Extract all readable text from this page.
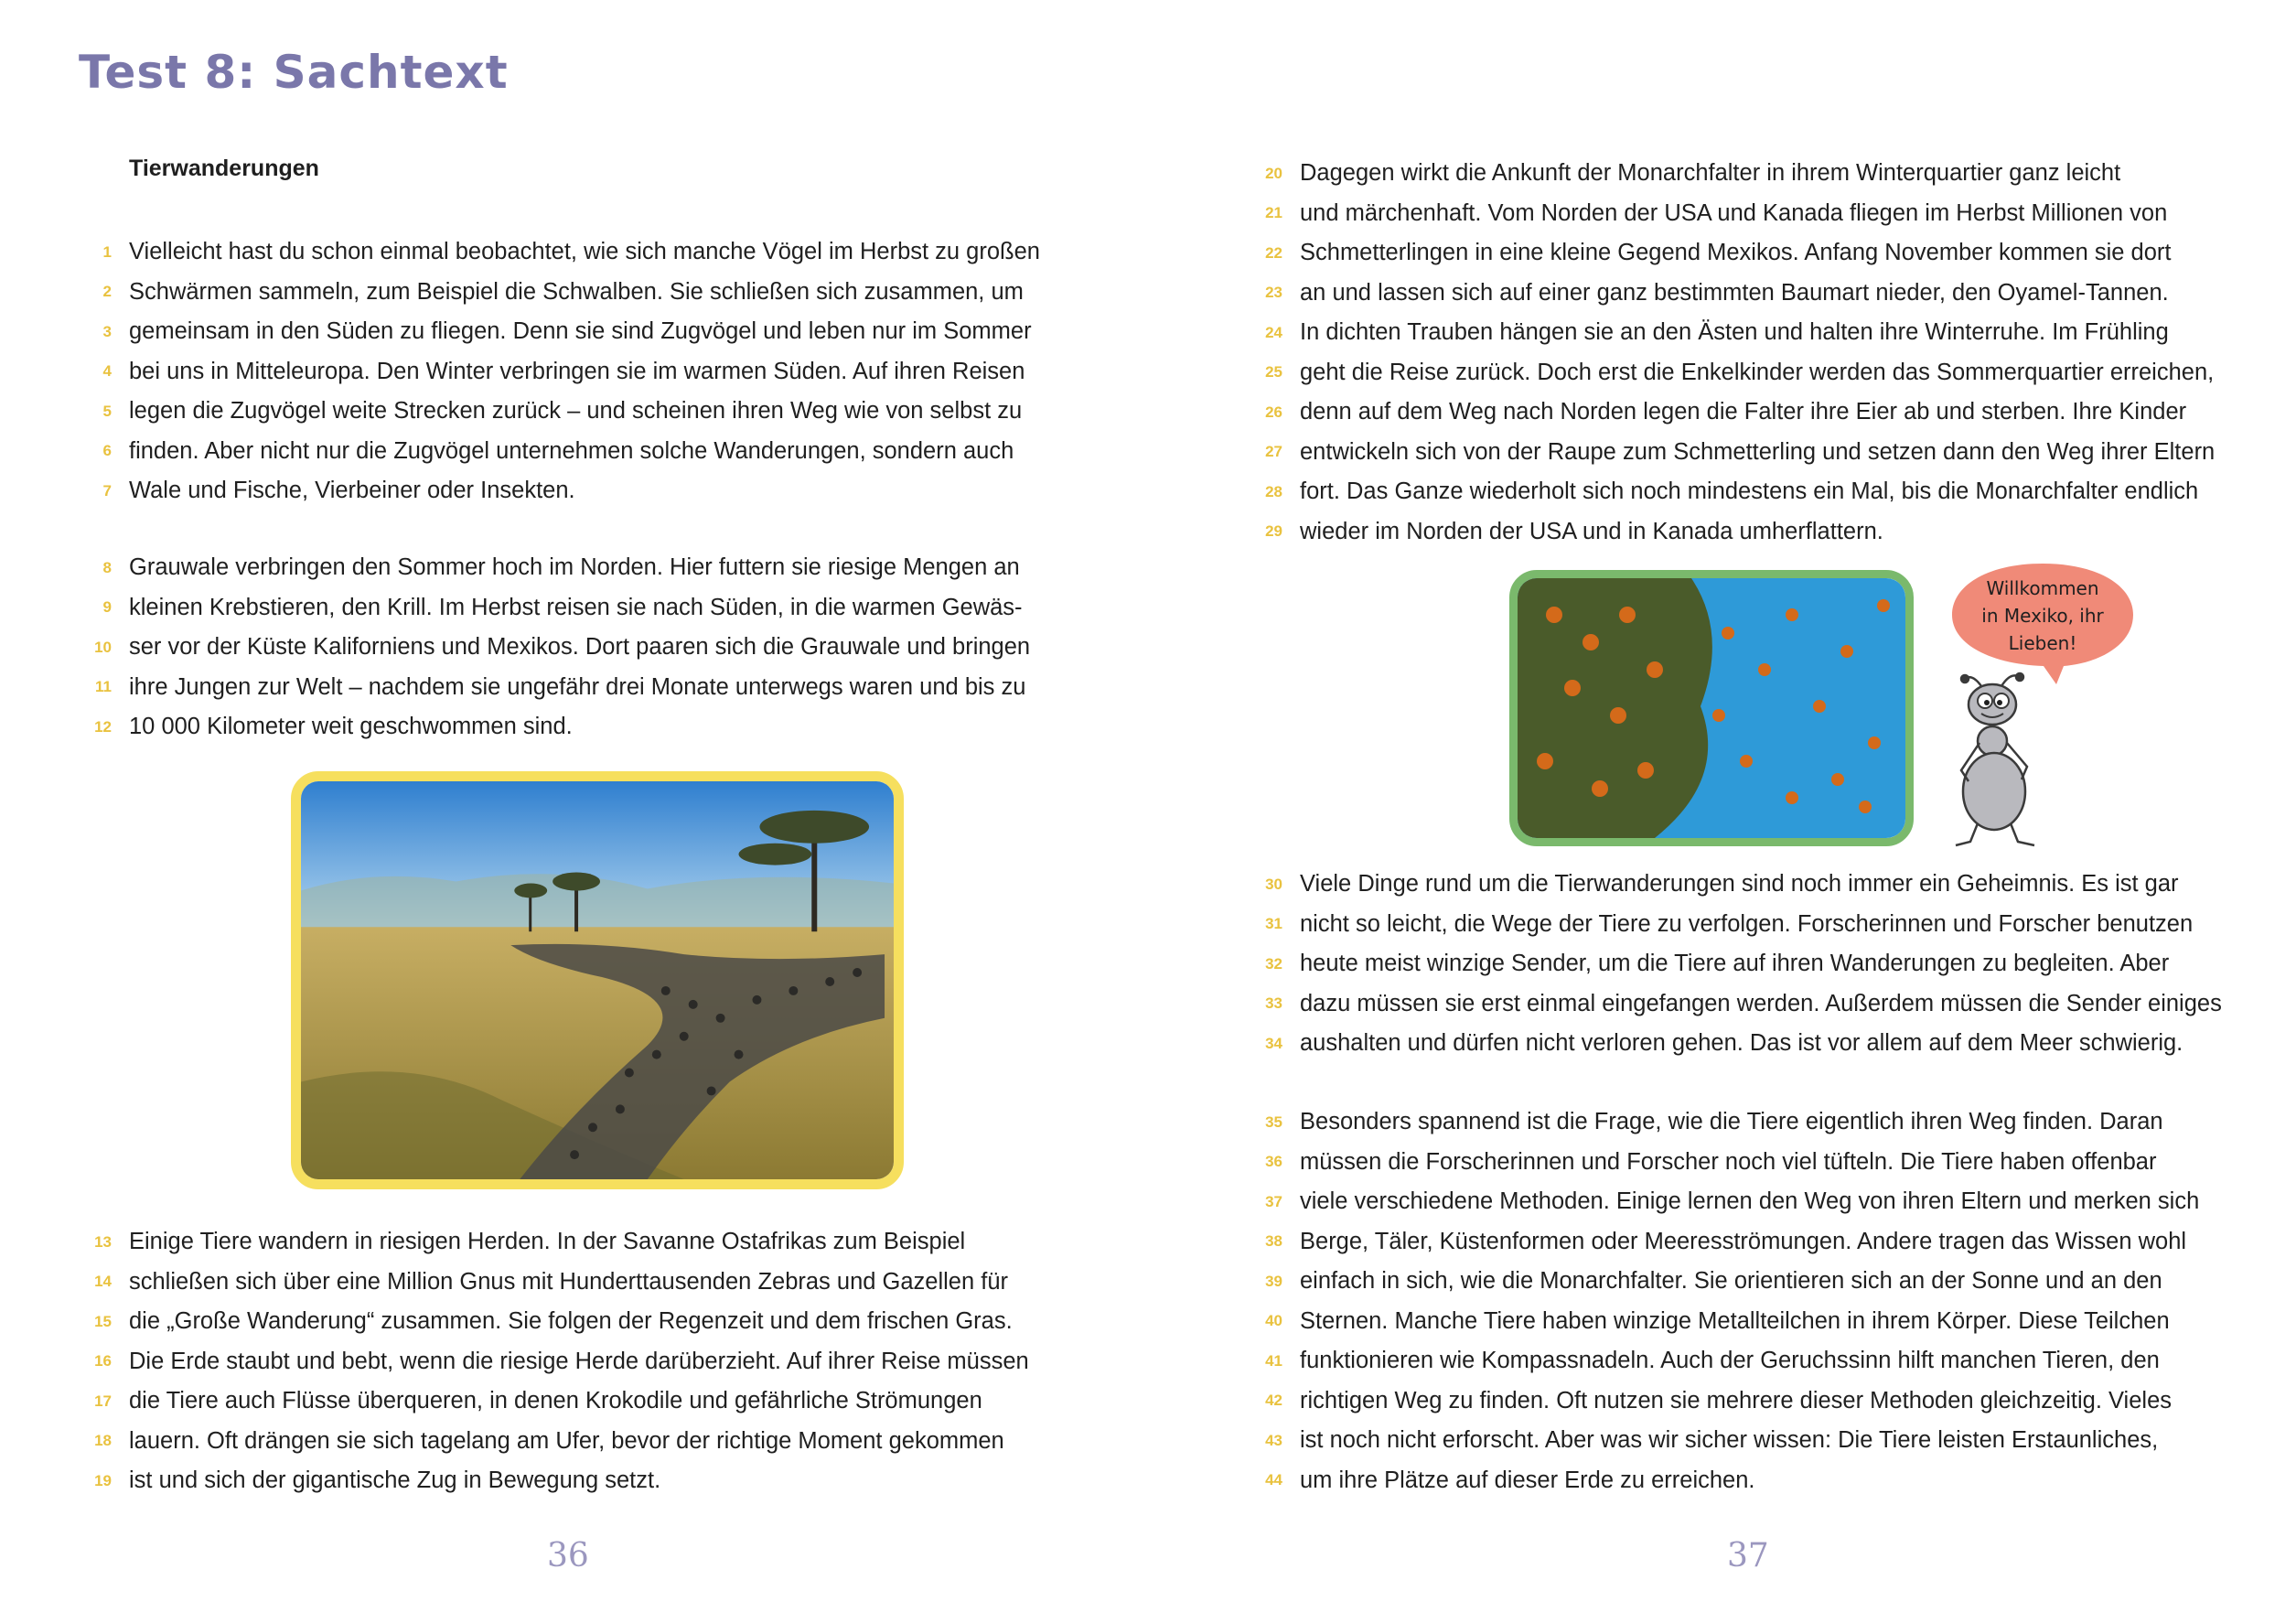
Test 8: Sachtext
Tierwanderungen
1 Vielleicht hast du schon einmal beobachtet, wie sich manche Vögel im Herbst zu großen
2 Schwärmen sammeln, zum Beispiel die Schwalben. Sie schließen sich zusammen, um
3 gemeinsam in den Süden zu fliegen. Denn sie sind Zugvögel und leben nur im Sommer
4 bei uns in Mitteleuropa. Den Winter verbringen sie im warmen Süden. Auf ihren Reisen
5 legen die Zugvögel weite Strecken zurück – und scheinen ihren Weg wie von selbst zu
6 finden. Aber nicht nur die Zugvögel unternehmen solche Wanderungen, sondern auch
7 Wale und Fische, Vierbeiner oder Insekten.
8 Grauwale verbringen den Sommer hoch im Norden. Hier futtern sie riesige Mengen an
9 kleinen Krebstieren, den Krill. Im Herbst reisen sie nach Süden, in die warmen Gewäs-
10 ser vor der Küste Kaliforniens und Mexikos. Dort paaren sich die Grauwale und bringen
11 ihre Jungen zur Welt – nachdem sie ungefähr drei Monate unterwegs waren und bis zu
12 10 000 Kilometer weit geschwommen sind.
13 Einige Tiere wandern in riesigen Herden. In der Savanne Ostafrikas zum Beispiel
14 schließen sich über eine Million Gnus mit Hunderttausenden Zebras und Gazellen für
15 die „Große Wanderung“ zusammen. Sie folgen der Regenzeit und dem frischen Gras.
16 Die Erde staubt und bebt, wenn die riesige Herde darüberzieht. Auf ihrer Reise müssen
17 die Tiere auch Flüsse überqueren, in denen Krokodile und gefährliche Strömungen
18 lauern. Oft drängen sie sich tagelang am Ufer, bevor der richtige Moment gekommen
19 ist und sich der gigantische Zug in Bewegung setzt.
20 Dagegen wirkt die Ankunft der Monarchfalter in ihrem Winterquartier ganz leicht
21 und märchenhaft. Vom Norden der USA und Kanada fliegen im Herbst Millionen von
22 Schmetterlingen in eine kleine Gegend Mexikos. Anfang November kommen sie dort
23 an und lassen sich auf einer ganz bestimmten Baumart nieder, den Oyamel-Tannen.
24 In dichten Trauben hängen sie an den Ästen und halten ihre Winterruhe. Im Frühling
25 geht die Reise zurück. Doch erst die Enkelkinder werden das Sommerquartier erreichen,
26 denn auf dem Weg nach Norden legen die Falter ihre Eier ab und sterben. Ihre Kinder
27 entwickeln sich von der Raupe zum Schmetterling und setzen dann den Weg ihrer Eltern
28 fort. Das Ganze wiederholt sich noch mindestens ein Mal, bis die Monarchfalter endlich
29 wieder im Norden der USA und in Kanada umherflattern.
30 Viele Dinge rund um die Tierwanderungen sind noch immer ein Geheimnis. Es ist gar
31 nicht so leicht, die Wege der Tiere zu verfolgen. Forscherinnen und Forscher benutzen
32 heute meist winzige Sender, um die Tiere auf ihren Wanderungen zu begleiten. Aber
33 dazu müssen sie erst einmal eingefangen werden. Außerdem müssen die Sender einiges
34 aushalten und dürfen nicht verloren gehen. Das ist vor allem auf dem Meer schwierig.
35 Besonders spannend ist die Frage, wie die Tiere eigentlich ihren Weg finden. Daran
36 müssen die Forscherinnen und Forscher noch viel tüfteln. Die Tiere haben offenbar
37 viele verschiedene Methoden. Einige lernen den Weg von ihren Eltern und merken sich
38 Berge, Täler, Küstenformen oder Meeresströmungen. Andere tragen das Wissen wohl
39 einfach in sich, wie die Monarchfalter. Sie orientieren sich an der Sonne und an den
40 Sternen. Manche Tiere haben winzige Metallteilchen in ihrem Körper. Diese Teilchen
41 funktionieren wie Kompassnadeln. Auch der Geruchssinn hilft manchen Tieren, den
42 richtigen Weg zu finden. Oft nutzen sie mehrere dieser Methoden gleichzeitig. Vieles
43 ist noch nicht erforscht. Aber was wir sicher wissen: Die Tiere leisten Erstaunliches,
44 um ihre Plätze auf dieser Erde zu erreichen.
Willkommen
in Mexiko, ihr
Lieben!
36	37
